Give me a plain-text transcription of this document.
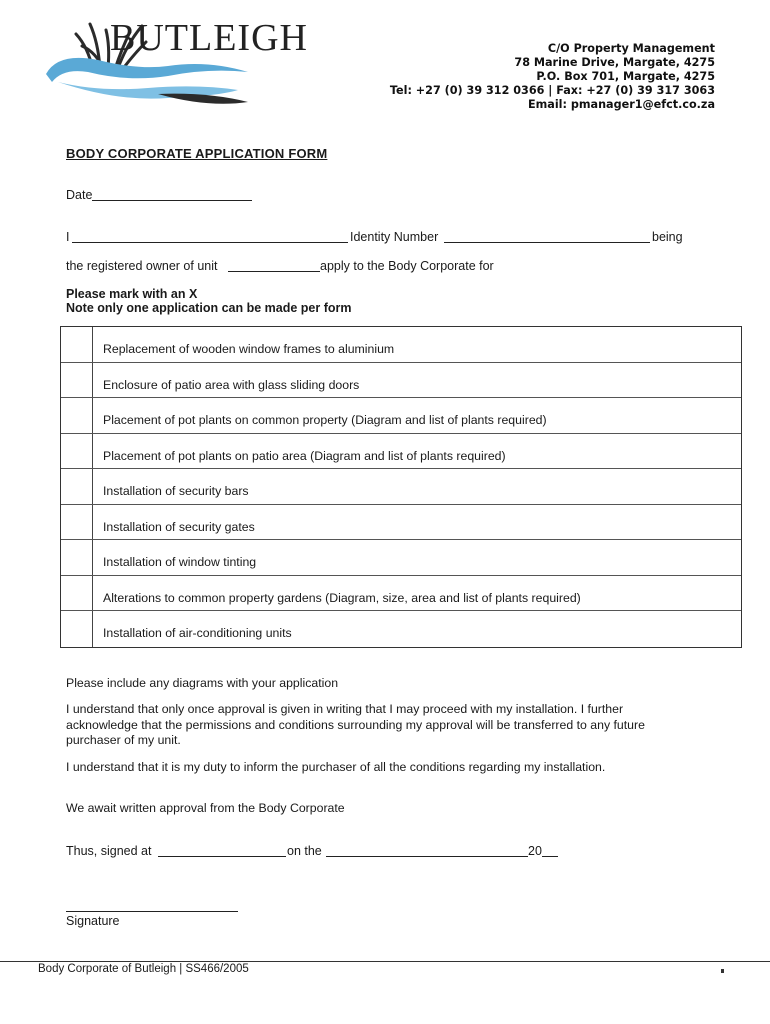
BUTLEIGH	C/O Property Management
78 Marine Drive, Margate, 4275
P.O. Box 701, Margate, 4275
Tel: +27 (0) 39 312 0366 | Fax: +27 (0) 39 317 3063
Email: pmanager1@efct.co.za
BODY CORPORATE APPLICATION FORM
Date
I	Identity Number	being
the registered owner of unit	apply to the Body Corporate for
Please mark with an X
Note only one application can be made per form
Replacement of wooden window frames to aluminium
Enclosure of patio area with glass sliding doors
Placement of pot plants on common property (Diagram and list of plants required)
Placement of pot plants on patio area (Diagram and list of plants required)
Installation of security bars
Installation of security gates
Installation of window tinting
Alterations to common property gardens (Diagram, size, area and list of plants required)
Installation of air-conditioning units
Please include any diagrams with your application
I understand that only once approval is given in writing that I may proceed with my installation. I further acknowledge that the permissions and conditions surrounding my approval will be transferred to any future purchaser of my unit.
I understand that it is my duty to inform the purchaser of all the conditions regarding my installation.
We await written approval from the Body Corporate
Thus, signed at	on the	20
Signature
Body Corporate of Butleigh | SS466/2005
